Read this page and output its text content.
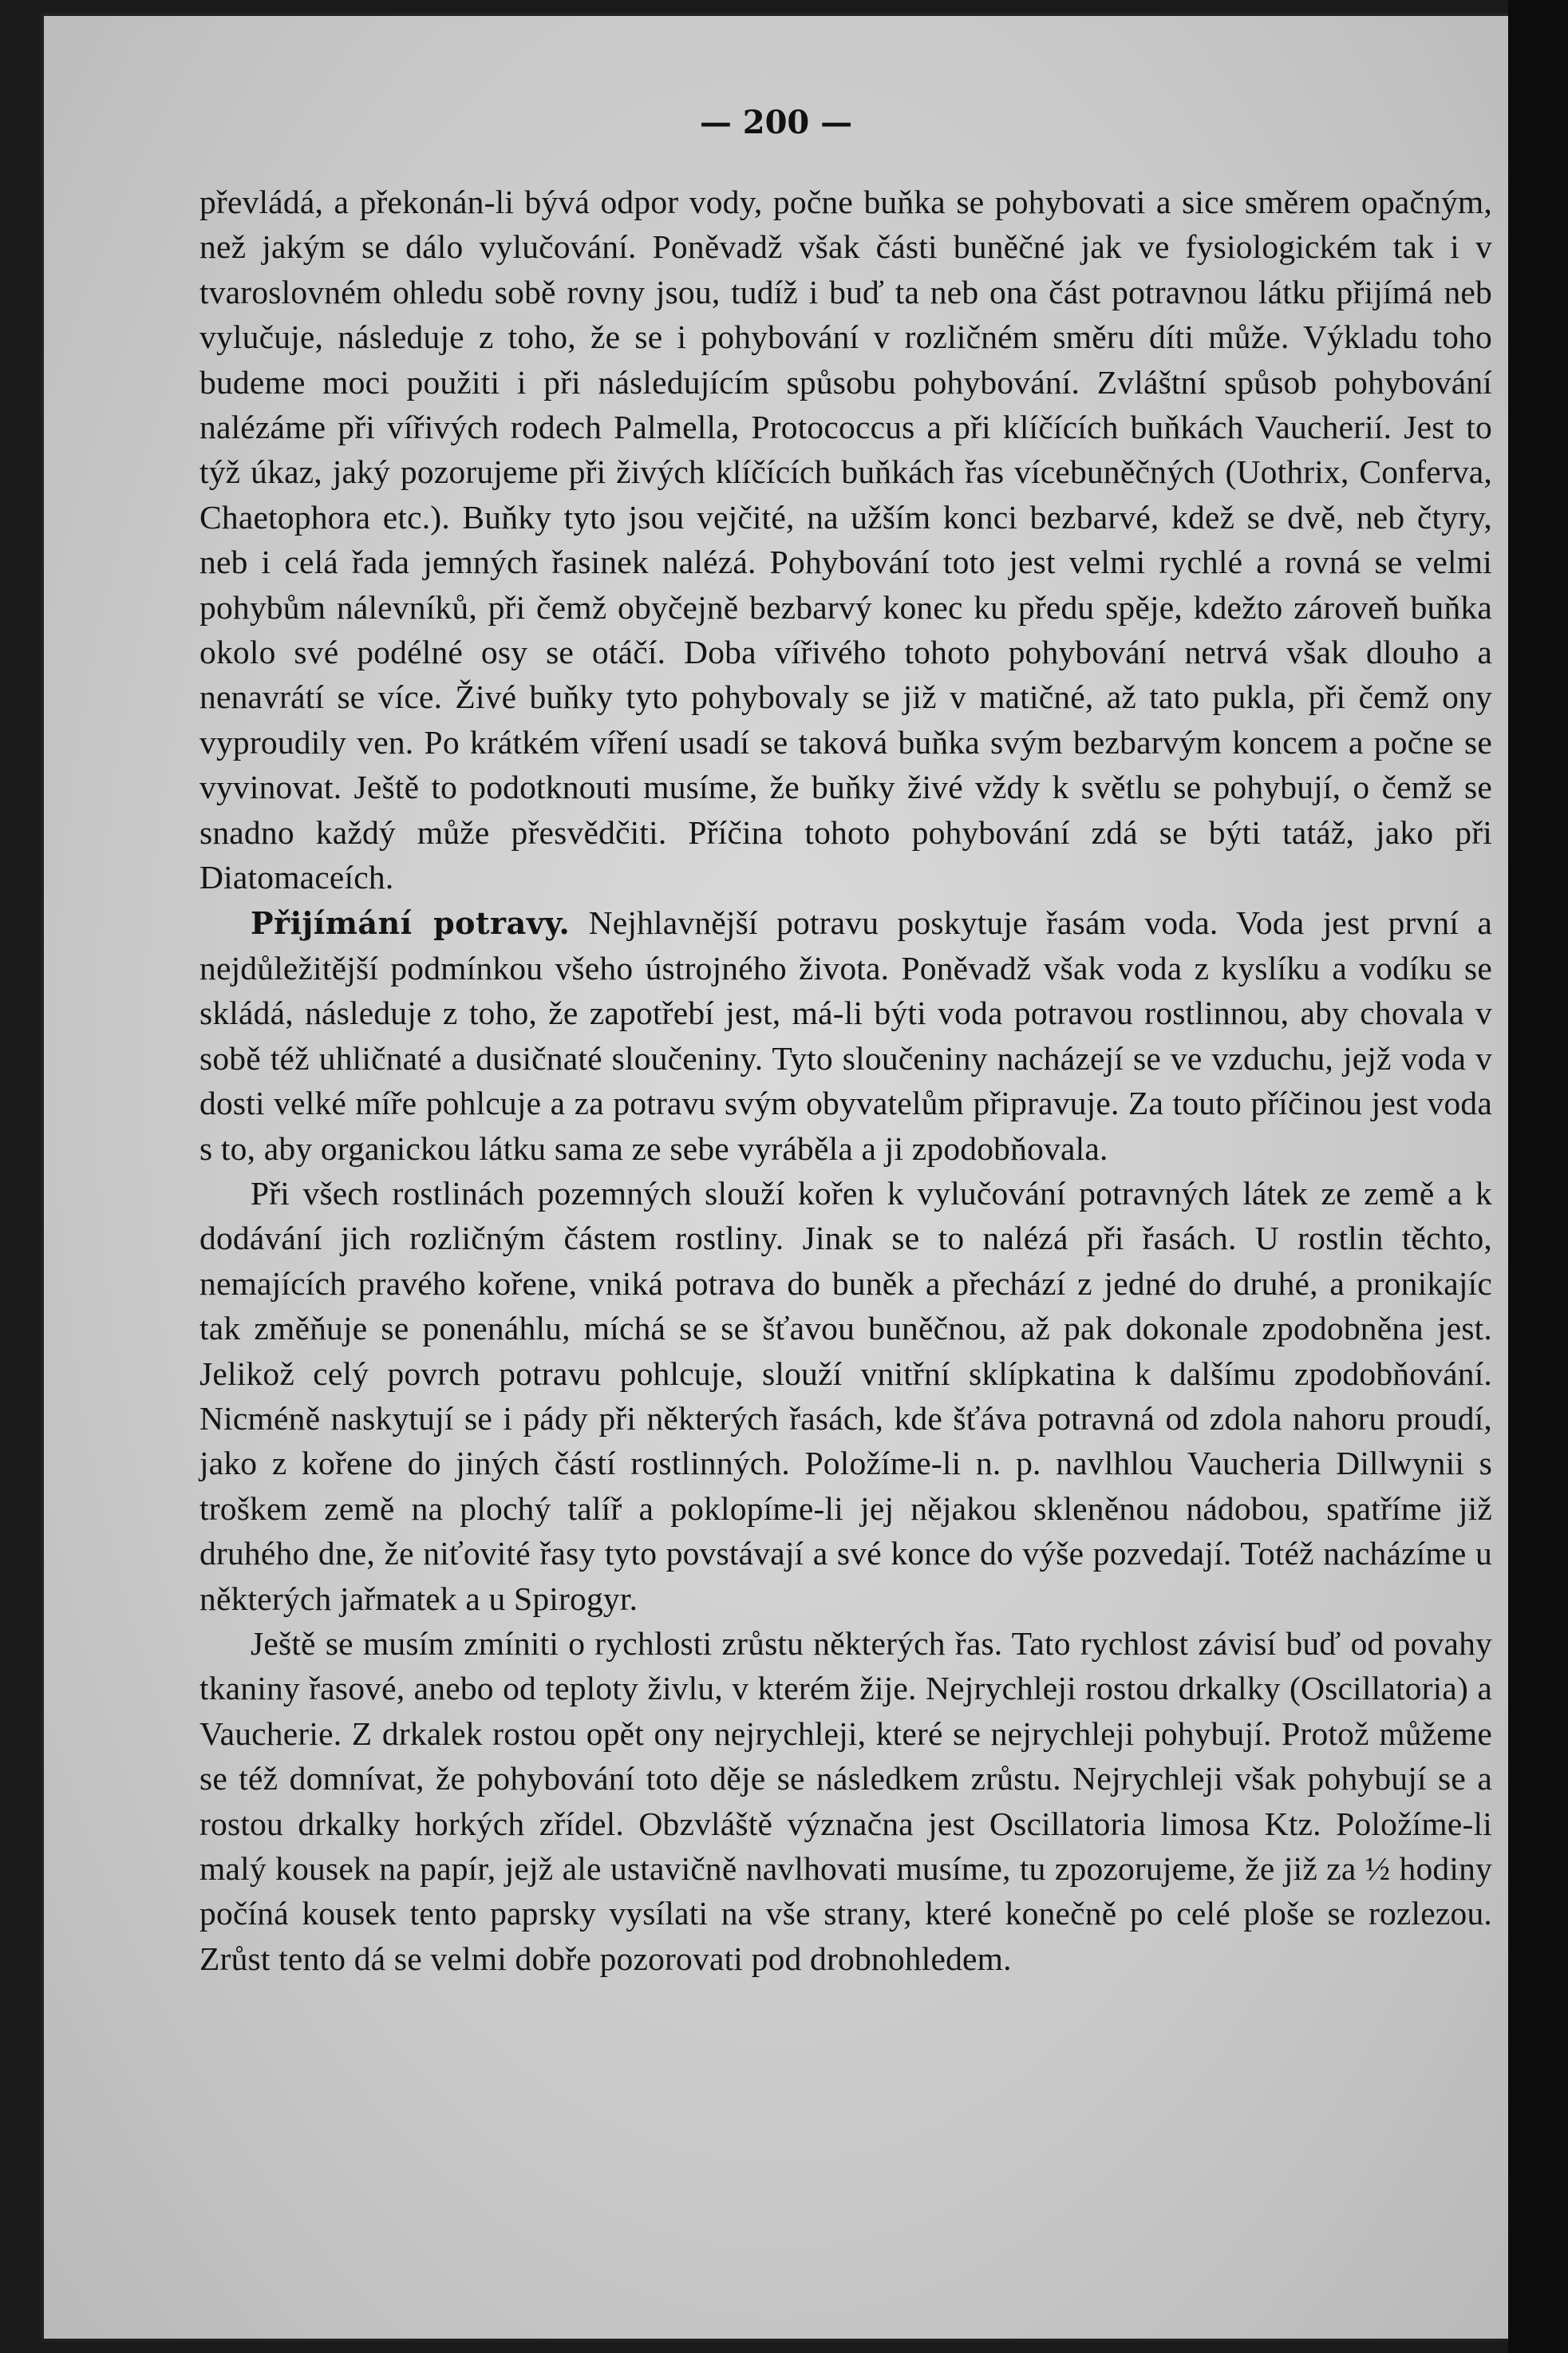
— 200 —

převládá, a překonán-li bývá odpor vody, počne buňka se pohybovati a sice směrem opačným, než jakým se dálo vylučování. Poněvadž však části buněčné jak ve fysiologickém tak i v tvaroslovném ohledu sobě rovny jsou, tudíž i buď ta neb ona část potravnou látku přijímá neb vylučuje, následuje z toho, že se i pohybování v rozličném směru díti může. Výkladu toho budeme moci použiti i při následujícím spůsobu pohybování. Zvláštní spůsob pohybování nalézáme při vířivých rodech Palmella, Protococcus a při klíčících buňkách Vaucherií. Jest to týž úkaz, jaký pozorujeme při živých klíčících buňkách řas vícebuněčných (Uothrix, Conferva, Chaetophora etc.). Buňky tyto jsou vejčité, na užším konci bezbarvé, kdež se dvě, neb čtyry, neb i celá řada jemných řasinek nalézá. Pohybování toto jest velmi rychlé a rovná se velmi pohybům nálevníků, při čemž obyčejně bezbarvý konec ku předu spěje, kdežto zároveň buňka okolo své podélné osy se otáčí. Doba vířivého tohoto pohybování netrvá však dlouho a nenavrátí se více. Živé buňky tyto pohybovaly se již v matičné, až tato pukla, při čemž ony vyproudily ven. Po krátkém víření usadí se taková buňka svým bezbarvým koncem a počne se vyvinovat. Ještě to podotknouti musíme, že buňky živé vždy k světlu se pohybují, o čemž se snadno každý může přesvědčiti. Příčina tohoto pohybování zdá se býti tatáž, jako při Diatomaceích.

Přijímání potravy. Nejhlavnější potravu poskytuje řasám voda. Voda jest první a nejdůležitější podmínkou všeho ústrojného života. Poněvadž však voda z kyslíku a vodíku se skládá, následuje z toho, že zapotřebí jest, má-li býti voda potravou rostlinnou, aby chovala v sobě též uhličnaté a dusičnaté sloučeniny. Tyto sloučeniny nacházejí se ve vzduchu, jejž voda v dosti velké míře pohlcuje a za potravu svým obyvatelům připravuje. Za touto příčinou jest voda s to, aby organickou látku sama ze sebe vyráběla a ji zpodobňovala.

Při všech rostlinách pozemných slouží kořen k vylučování potravných látek ze země a k dodávání jich rozličným částem rostliny. Jinak se to nalézá při řasách. U rostlin těchto, nemajících pravého kořene, vniká potrava do buněk a přechází z jedné do druhé, a pronikajíc tak změňuje se ponenáhlu, míchá se se šťavou buněčnou, až pak dokonale zpodobněna jest. Jelikož celý povrch potravu pohlcuje, slouží vnitřní sklípkatina k dalšímu zpodobňování. Nicméně naskytují se i pády při některých řasách, kde šťáva potravná od zdola nahoru proudí, jako z kořene do jiných částí rostlinných. Položíme-li n. p. navlhlou Vaucheria Dillwynii s troškem země na plochý talíř a poklopíme-li jej nějakou skleněnou nádobou, spatříme již druhého dne, že niťovité řasy tyto povstávají a své konce do výše pozvedají. Totéž nacházíme u některých jařmatek a u Spirogyr.

Ještě se musím zmíniti o rychlosti zrůstu některých řas. Tato rychlost závisí buď od povahy tkaniny řasové, anebo od teploty živlu, v kterém žije. Nejrychleji rostou drkalky (Oscillatoria) a Vaucherie. Z drkalek rostou opět ony nejrychleji, které se nejrychleji pohybují. Protož můžeme se též domnívat, že pohybování toto děje se následkem zrůstu. Nejrychleji však pohybují se a rostou drkalky horkých zřídel. Obzvláště význačna jest Oscillatoria limosa Ktz. Položíme-li malý kousek na papír, jejž ale ustavičně navlhovati musíme, tu zpozorujeme, že již za ½ hodiny počíná kousek tento paprsky vysílati na vše strany, které konečně po celé ploše se rozlezou. Zrůst tento dá se velmi dobře pozorovati pod drobnohledem.
